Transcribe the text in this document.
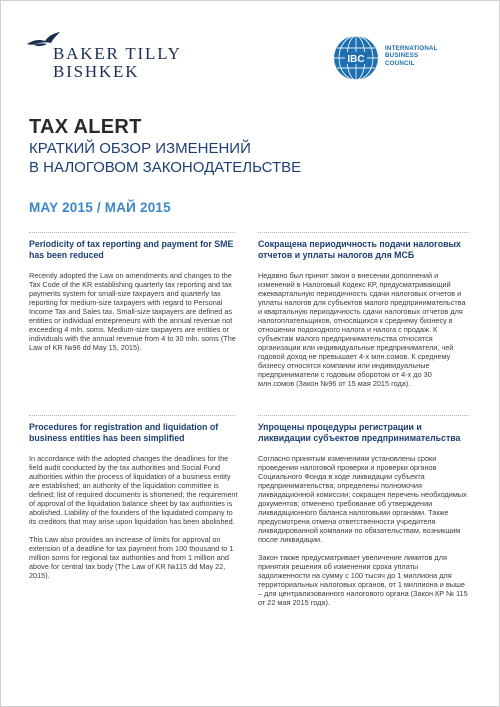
BAKER TILLY
BISHKEK
IBC
INTERNATIONAL
BUSINESS
COUNCIL
TAX ALERT
КРАТКИЙ ОБЗОР ИЗМЕНЕНИЙ
В НАЛОГОВОМ ЗАКОНОДАТЕЛЬСТВЕ
MAY 2015 / МАЙ 2015
Periodicity of tax reporting and payment for SME has been reduced

Recently adopted the Law on amendments and changes to the Tax Code of the KR establishing quarterly tax reporting and tax payments system for small-size taxpayers and quarterly tax reporting for medium-size taxpayers with regard to Personal Income Tax and Sales tax. Small-size taxpayers are defined as entities or individual entrepreneurs with the annual revenue not exceeding 4 mln. soms. Medium-size taxpayers are entities or individuals with the annual revenue from 4 to 30 mln. soms (The Law of KR №96 dd May 15, 2015).

Сокращена периодичность подачи налоговых отчетов и уплаты налогов для МСБ

Недавно был принят закон о внесении дополнений и изменений в Налоговый Кодекс КР, предусматривающий ежеквартальную периодичность сдачи налоговых отчетов и уплаты налогов для субъектов малого предпринимательства и квартальную периодичность сдачи налоговых отчетов для налогоплательщиков, относящихся к среднему бизнесу в отношении подоходного налога и налога с продаж. К субъектам малого предпринимательства относятся организации или индивидуальные предприниматели, чей годовой доход не превышает 4-х млн.сомов. К среднему бизнесу относятся компании или индивидуальные предприниматели с годовым оборотом от 4-х до 30 млн.сомов (Закон №96 от 15 мая 2015 года).

Procedures for registration and liquidation of business entities has been simplified

In accordance with the adopted changes the deadlines for the field audit conducted by the tax authorities and Social Fund authorities within the process of liquidation of a business entity are established; an authority of the liquidation committee is defined; list of required documents is shortened; the requirement of approval of the liquidation balance sheet by tax authorities is abolished. Liability of the founders of the liquidated company to its creditors that may arise upon liquidation has been abolished.

This Law also provides an increase of limits for approval on extension of a deadline for tax payment from 100 thousand to 1 million soms for regional tax authorities and from 1 million and above for central tax body (The Law of KR №115 dd May 22, 2015).

Упрощены процедуры регистрации и ликвидации субъектов предпринимательства

Согласно принятым изменениям установлены сроки проведения налоговой проверки и проверки органов Социального Фонда в ходе ликвидации субъекта предпринимательства; определены полномочия ликвидационной комиссии; сокращен перечень необходимых документов; отменено требование об утверждении ликвидационного баланса налоговыми органами. Также предусмотрена отмена ответственности учредителя ликвидированной компании по обязательствам, возникшим после ликвидации.

Закон также предусматривает увеличение лимитов для принятия решения об изменении срока уплаты задолженности на сумму с 100 тысяч до 1 миллиона для территориальных налоговых органов, от 1 миллиона и выше – для централизованного налогового органа (Закон КР № 115 от 22 мая 2015 года).
